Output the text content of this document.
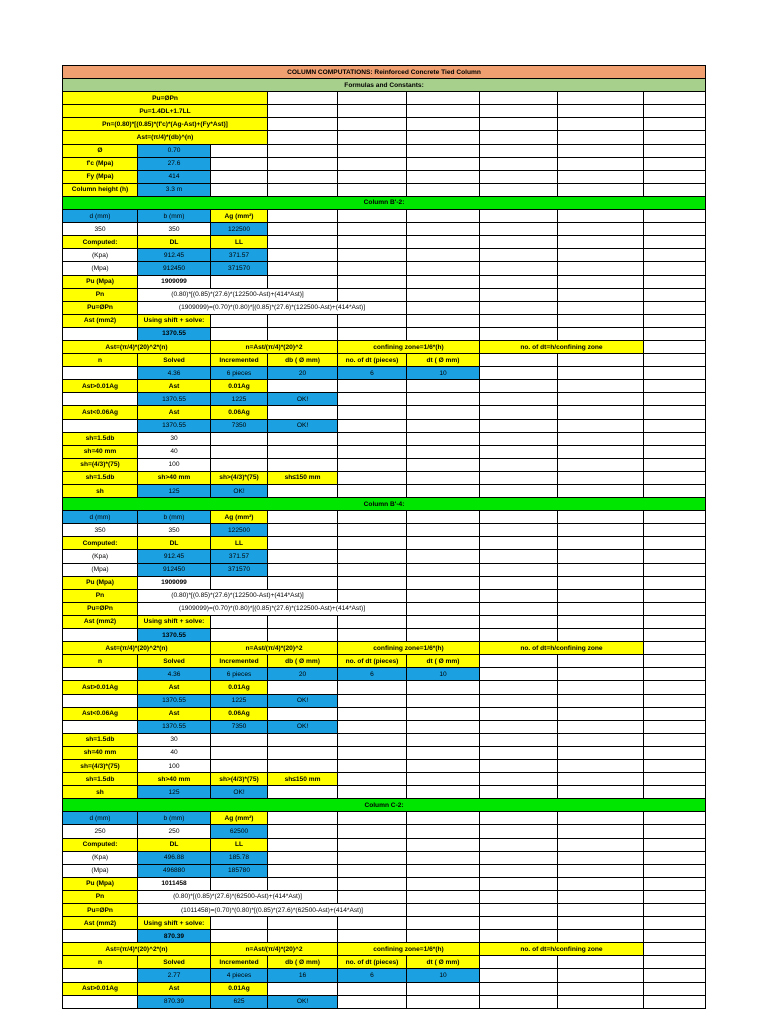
COLUMN COMPUTATIONS: Reinforced Concrete Tied Column								
Formulas and Constants:								
Pu=ØPn								
Pu=1.4DL+1.7LL								
Pn=(0.80)*[(0.85)*(f'c)*(Ag-Ast)+(Fy*Ast)]								
Ast=(π/4)*(db)^(n)								
Ø	0.70							
f'c (Mpa)	27.6							
Fy (Mpa)	414							
Column height (h)	3.3 m							
Column B'-2:								
d (mm)	b (mm)	Ag (mm²)						
350	350	122500						
Computed:	DL	LL						
(Kpa)	912.45	371.57						
(Mpa)	912450	371570						
Pu (Mpa)	1909099							
Pn	(0.80)*[(0.85)*(27.6)*(122500-Ast)+(414*Ast)]							
Pu=ØPn	(1909099)=(0.70)*(0.80)*[(0.85)*(27.6)*(122500-Ast)+(414*Ast)]							
Ast (mm2)	Using shift + solve:							
	1370.55							
Ast=(π/4)*(20)^2*(n)		n=Ast/(π/4)*(20)^2		confining zone=1/6*(h)		no. of dt=h/confining zone		
n	Solved	Incremented	db ( Ø mm)	no. of dt (pieces)	dt ( Ø mm)			
	4.36	6 pieces	20	6	10			
Ast>0.01Ag	Ast	0.01Ag						
	1370.55	1225	OK!					
Ast<0.06Ag	Ast	0.06Ag						
	1370.55	7350	OK!					
sh=1.5db	30							
sh=40 mm	40							
sh=(4/3)*(75)	100							
sh=1.5db	sh>40 mm	sh>(4/3)*(75)	sh≤150 mm					
sh	125	OK!						
Column B'-4:								
d (mm)	b (mm)	Ag (mm²)						
350	350	122500						
Computed:	DL	LL						
(Kpa)	912.45	371.57						
(Mpa)	912450	371570						
Pu (Mpa)	1909099							
Pn	(0.80)*[(0.85)*(27.6)*(122500-Ast)+(414*Ast)]							
Pu=ØPn	(1909099)=(0.70)*(0.80)*[(0.85)*(27.6)*(122500-Ast)+(414*Ast)]							
Ast (mm2)	Using shift + solve:							
	1370.55							
Ast=(π/4)*(20)^2*(n)		n=Ast/(π/4)*(20)^2		confining zone=1/6*(h)		no. of dt=h/confining zone		
n	Solved	Incremented	db ( Ø mm)	no. of dt (pieces)	dt ( Ø mm)			
	4.36	6 pieces	20	6	10			
Ast>0.01Ag	Ast	0.01Ag						
	1370.55	1225	OK!					
Ast<0.06Ag	Ast	0.06Ag						
	1370.55	7350	OK!					
sh=1.5db	30							
sh=40 mm	40							
sh=(4/3)*(75)	100							
sh=1.5db	sh>40 mm	sh>(4/3)*(75)	sh≤150 mm					
sh	125	OK!						
Column C-2:								
d (mm)	b (mm)	Ag (mm²)						
250	250	62500						
Computed:	DL	LL						
(Kpa)	496.88	185.78						
(Mpa)	496880	185780						
Pu (Mpa)	1011458							
Pn	(0.80)*[(0.85)*(27.6)*(62500-Ast)+(414*Ast)]							
Pu=ØPn	(1011458)=(0.70)*(0.80)*[(0.85)*(27.6)*(62500-Ast)+(414*Ast)]							
Ast (mm2)	Using shift + solve:							
	870.39							
Ast=(π/4)*(20)^2*(n)		n=Ast/(π/4)*(20)^2		confining zone=1/6*(h)		no. of dt=h/confining zone		
n	Solved	Incremented	db ( Ø mm)	no. of dt (pieces)	dt ( Ø mm)			
	2.77	4 pieces	16	6	10			
Ast>0.01Ag	Ast	0.01Ag						
	870.39	625	OK!					
